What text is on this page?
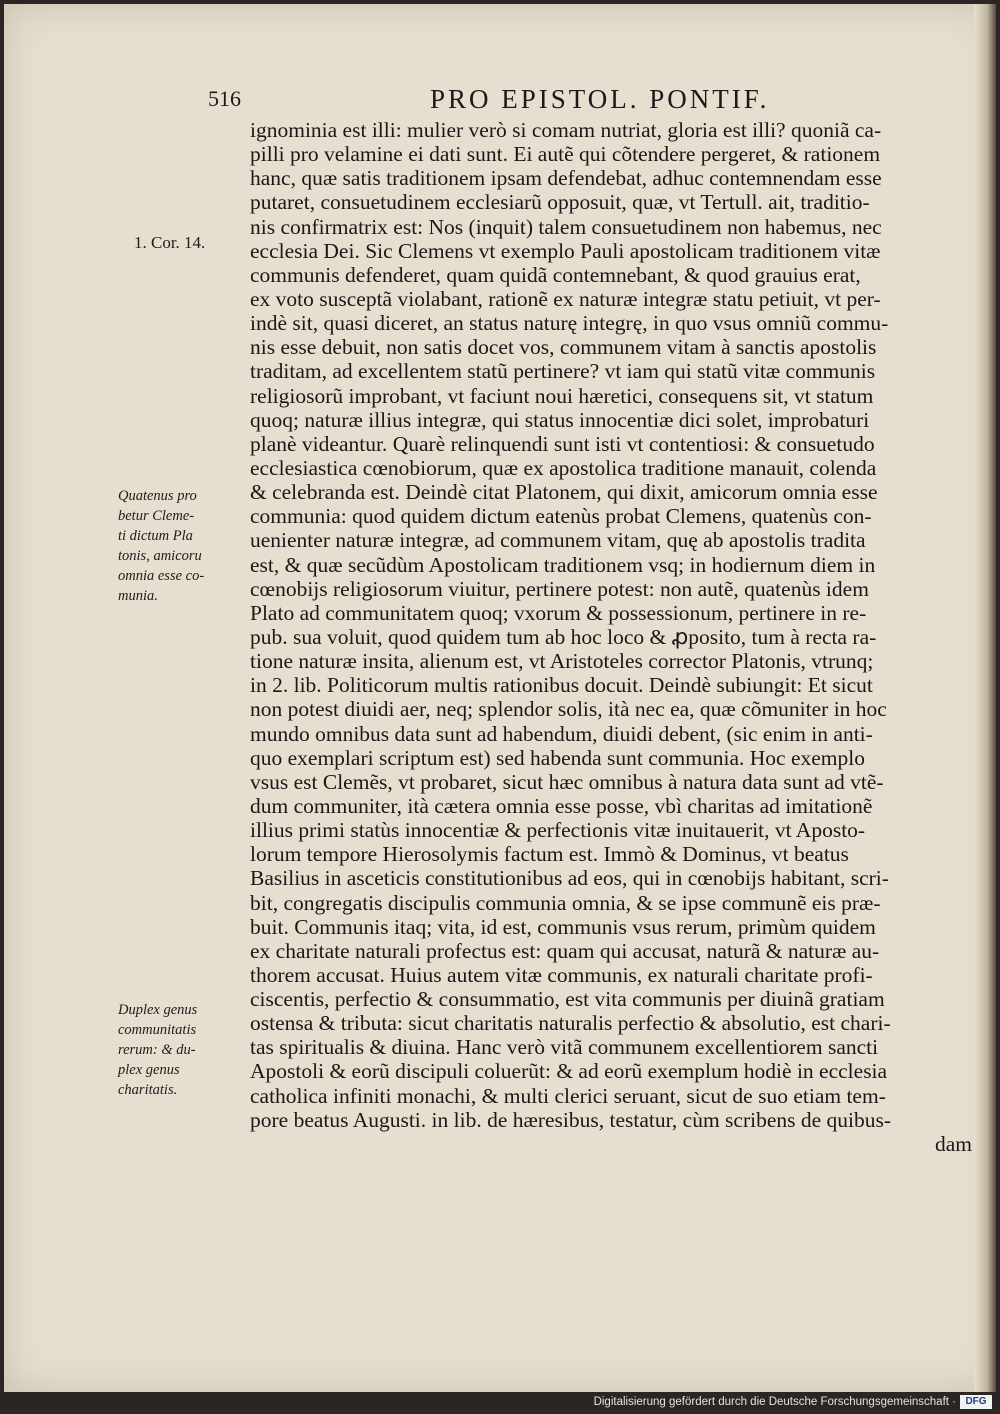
516	PRO EPISTOL. PONTIF.
1. Cor. 14.
Quatenus pro
betur Cleme-
ti dictum Pla
tonis, amicoru
omnia esse co-
munia.
Duplex genus
communitatis
rerum: & du-
plex genus
charitatis.
ignominia est illi: mulier verò si comam nutriat, gloria est illi? quoniã ca-
pilli pro velamine ei dati sunt. Ei autẽ qui cõtendere pergeret, & rationem
hanc, quæ satis traditionem ipsam defendebat, adhuc contemnendam esse
putaret, consuetudinem ecclesiarũ opposuit, quæ, vt Tertull. ait, traditio-
nis confirmatrix est: Nos (inquit) talem consuetudinem non habemus, nec
ecclesia Dei. Sic Clemens vt exemplo Pauli apostolicam traditionem vitæ
communis defenderet, quam quidã contemnebant, & quod grauius erat,
ex voto susceptã violabant, rationẽ ex naturæ integræ statu petiuit, vt per-
indè sit, quasi diceret, an status naturę integrę, in quo vsus omniũ commu-
nis esse debuit, non satis docet vos, communem vitam à sanctis apostolis
traditam, ad excellentem statũ pertinere? vt iam qui statũ vitæ communis
religiosorũ improbant, vt faciunt noui hæretici, consequens sit, vt statum
quoq; naturæ illius integræ, qui status innocentiæ dici solet, improbaturi
planè videantur. Quarè relinquendi sunt isti vt contentiosi: & consuetudo
ecclesiastica cœnobiorum, quæ ex apostolica traditione manauit, colenda
& celebranda est. Deindè citat Platonem, qui dixit, amicorum omnia esse
communia: quod quidem dictum eatenùs probat Clemens, quatenùs con-
uenienter naturæ integræ, ad communem vitam, quę ab apostolis tradita
est, & quæ secũdùm Apostolicam traditionem vsq; in hodiernum diem in
cœnobijs religiosorum viuitur, pertinere potest: non autẽ, quatenùs idem
Plato ad communitatem quoq; vxorum & possessionum, pertinere in re-
pub. sua voluit, quod quidem tum ab hoc loco & ꝓposito, tum à recta ra-
tione naturæ insita, alienum est, vt Aristoteles corrector Platonis, vtrunq;
in 2. lib. Politicorum multis rationibus docuit. Deindè subiungit: Et sicut
non potest diuidi aer, neq; splendor solis, ità nec ea, quæ cõmuniter in hoc
mundo omnibus data sunt ad habendum, diuidi debent, (sic enim in anti-
quo exemplari scriptum est) sed habenda sunt communia. Hoc exemplo
vsus est Clemẽs, vt probaret, sicut hæc omnibus à natura data sunt ad vtẽ-
dum communiter, ità cætera omnia esse posse, vbì charitas ad imitationẽ
illius primi statùs innocentiæ & perfectionis vitæ inuitauerit, vt Aposto-
lorum tempore Hierosolymis factum est. Immò & Dominus, vt beatus
Basilius in asceticis constitutionibus ad eos, qui in cœnobijs habitant, scri-
bit, congregatis discipulis communia omnia, & se ipse communẽ eis præ-
buit. Communis itaq; vita, id est, communis vsus rerum, primùm quidem
ex charitate naturali profectus est: quam qui accusat, naturã & naturæ au-
thorem accusat. Huius autem vitæ communis, ex naturali charitate profi-
ciscentis, perfectio & consummatio, est vita communis per diuinã gratiam
ostensa & tributa: sicut charitatis naturalis perfectio & absolutio, est chari-
tas spiritualis & diuina. Hanc verò vitã communem excellentiorem sancti
Apostoli & eorũ discipuli coluerũt: & ad eorũ exemplum hodiè in ecclesia
catholica infiniti monachi, & multi clerici seruant, sicut de suo etiam tem-
pore beatus Augusti. in lib. de hæresibus, testatur, cùm scribens de quibus-
dam
Digitalisierung gefördert durch die Deutsche Forschungsgemeinschaft · DFG
